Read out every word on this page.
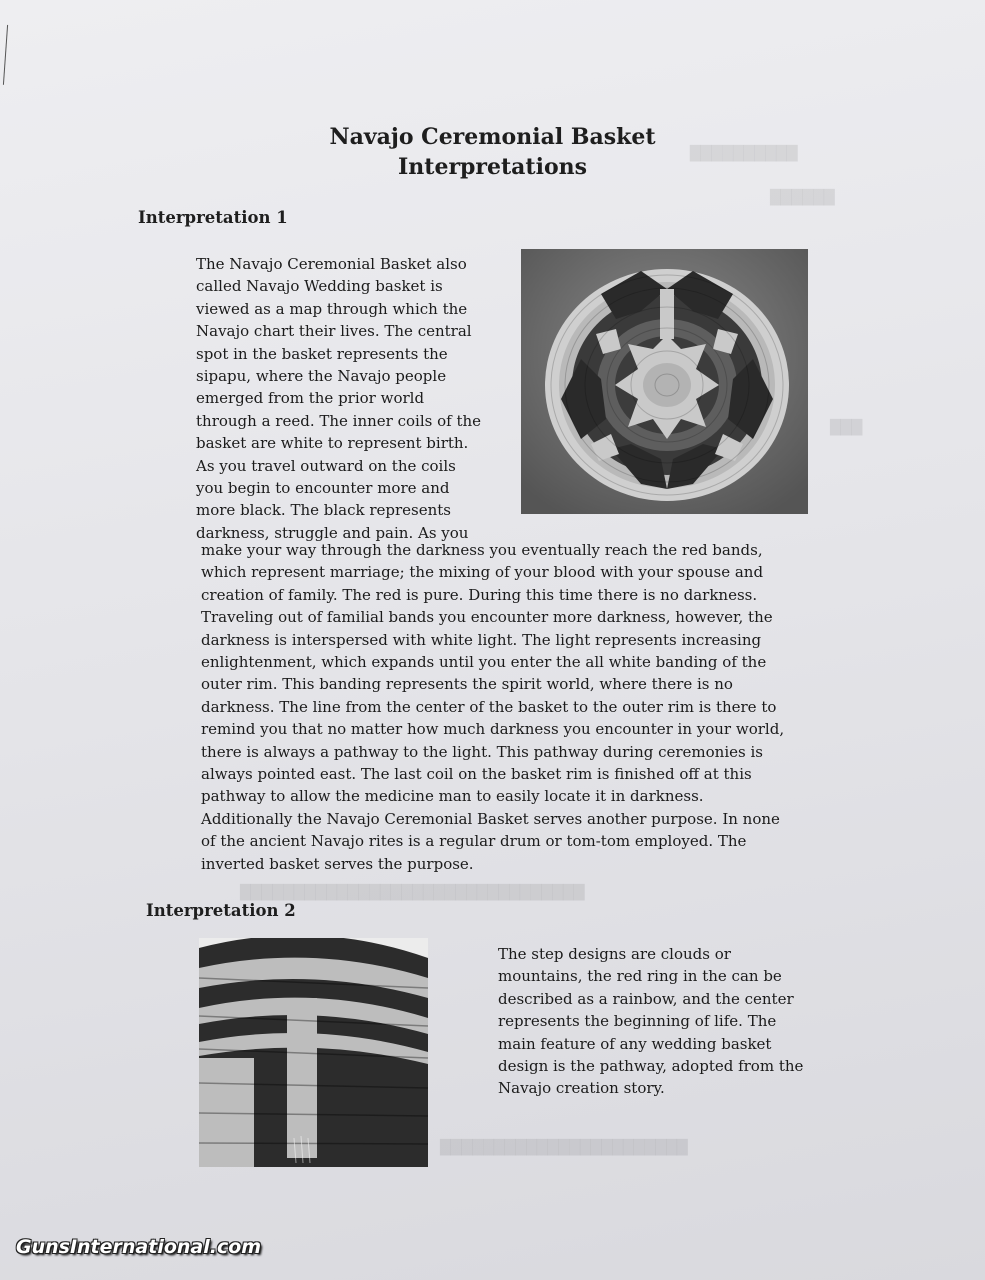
██████████
██████
███
████████████████████████████████
███████████████████████
Navajo Ceremonial Basket
Interpretations
Interpretation 1
The Navajo Ceremonial Basket also
called Navajo Wedding basket is
viewed as a map through which the
Navajo chart their lives. The central
spot in the basket represents the
sipapu, where the Navajo people
emerged from the prior world
through a reed. The inner coils of the
basket are white to represent birth.
As you travel outward on the coils
you begin to encounter more and
more black. The black represents
darkness, struggle and pain. As you
make your way through the darkness you eventually reach the red bands,
which represent marriage; the mixing of your blood with your spouse and
creation of family. The red is pure. During this time there is no darkness.
Traveling out of familial bands you encounter more darkness, however, the
darkness is interspersed with white light. The light represents increasing
enlightenment, which expands until you enter the all white banding of the
outer rim. This banding represents the spirit world, where there is no
darkness. The line from the center of the basket to the outer rim is there to
remind you that no matter how much darkness you encounter in your world,
there is always a pathway to the light. This pathway during ceremonies is
always pointed east. The last coil on the basket rim is finished off at this
pathway to allow the medicine man to easily locate it in darkness.
Additionally the Navajo Ceremonial Basket serves another purpose. In none
of the ancient Navajo rites is a regular drum or tom-tom employed. The
inverted basket serves the purpose.
Interpretation 2
The step designs are clouds or
mountains, the red ring in the can be
described as a rainbow, and the center
represents the beginning of life. The
main feature of any wedding basket
design is the pathway, adopted from the
Navajo creation story.
GunsInternational.com
